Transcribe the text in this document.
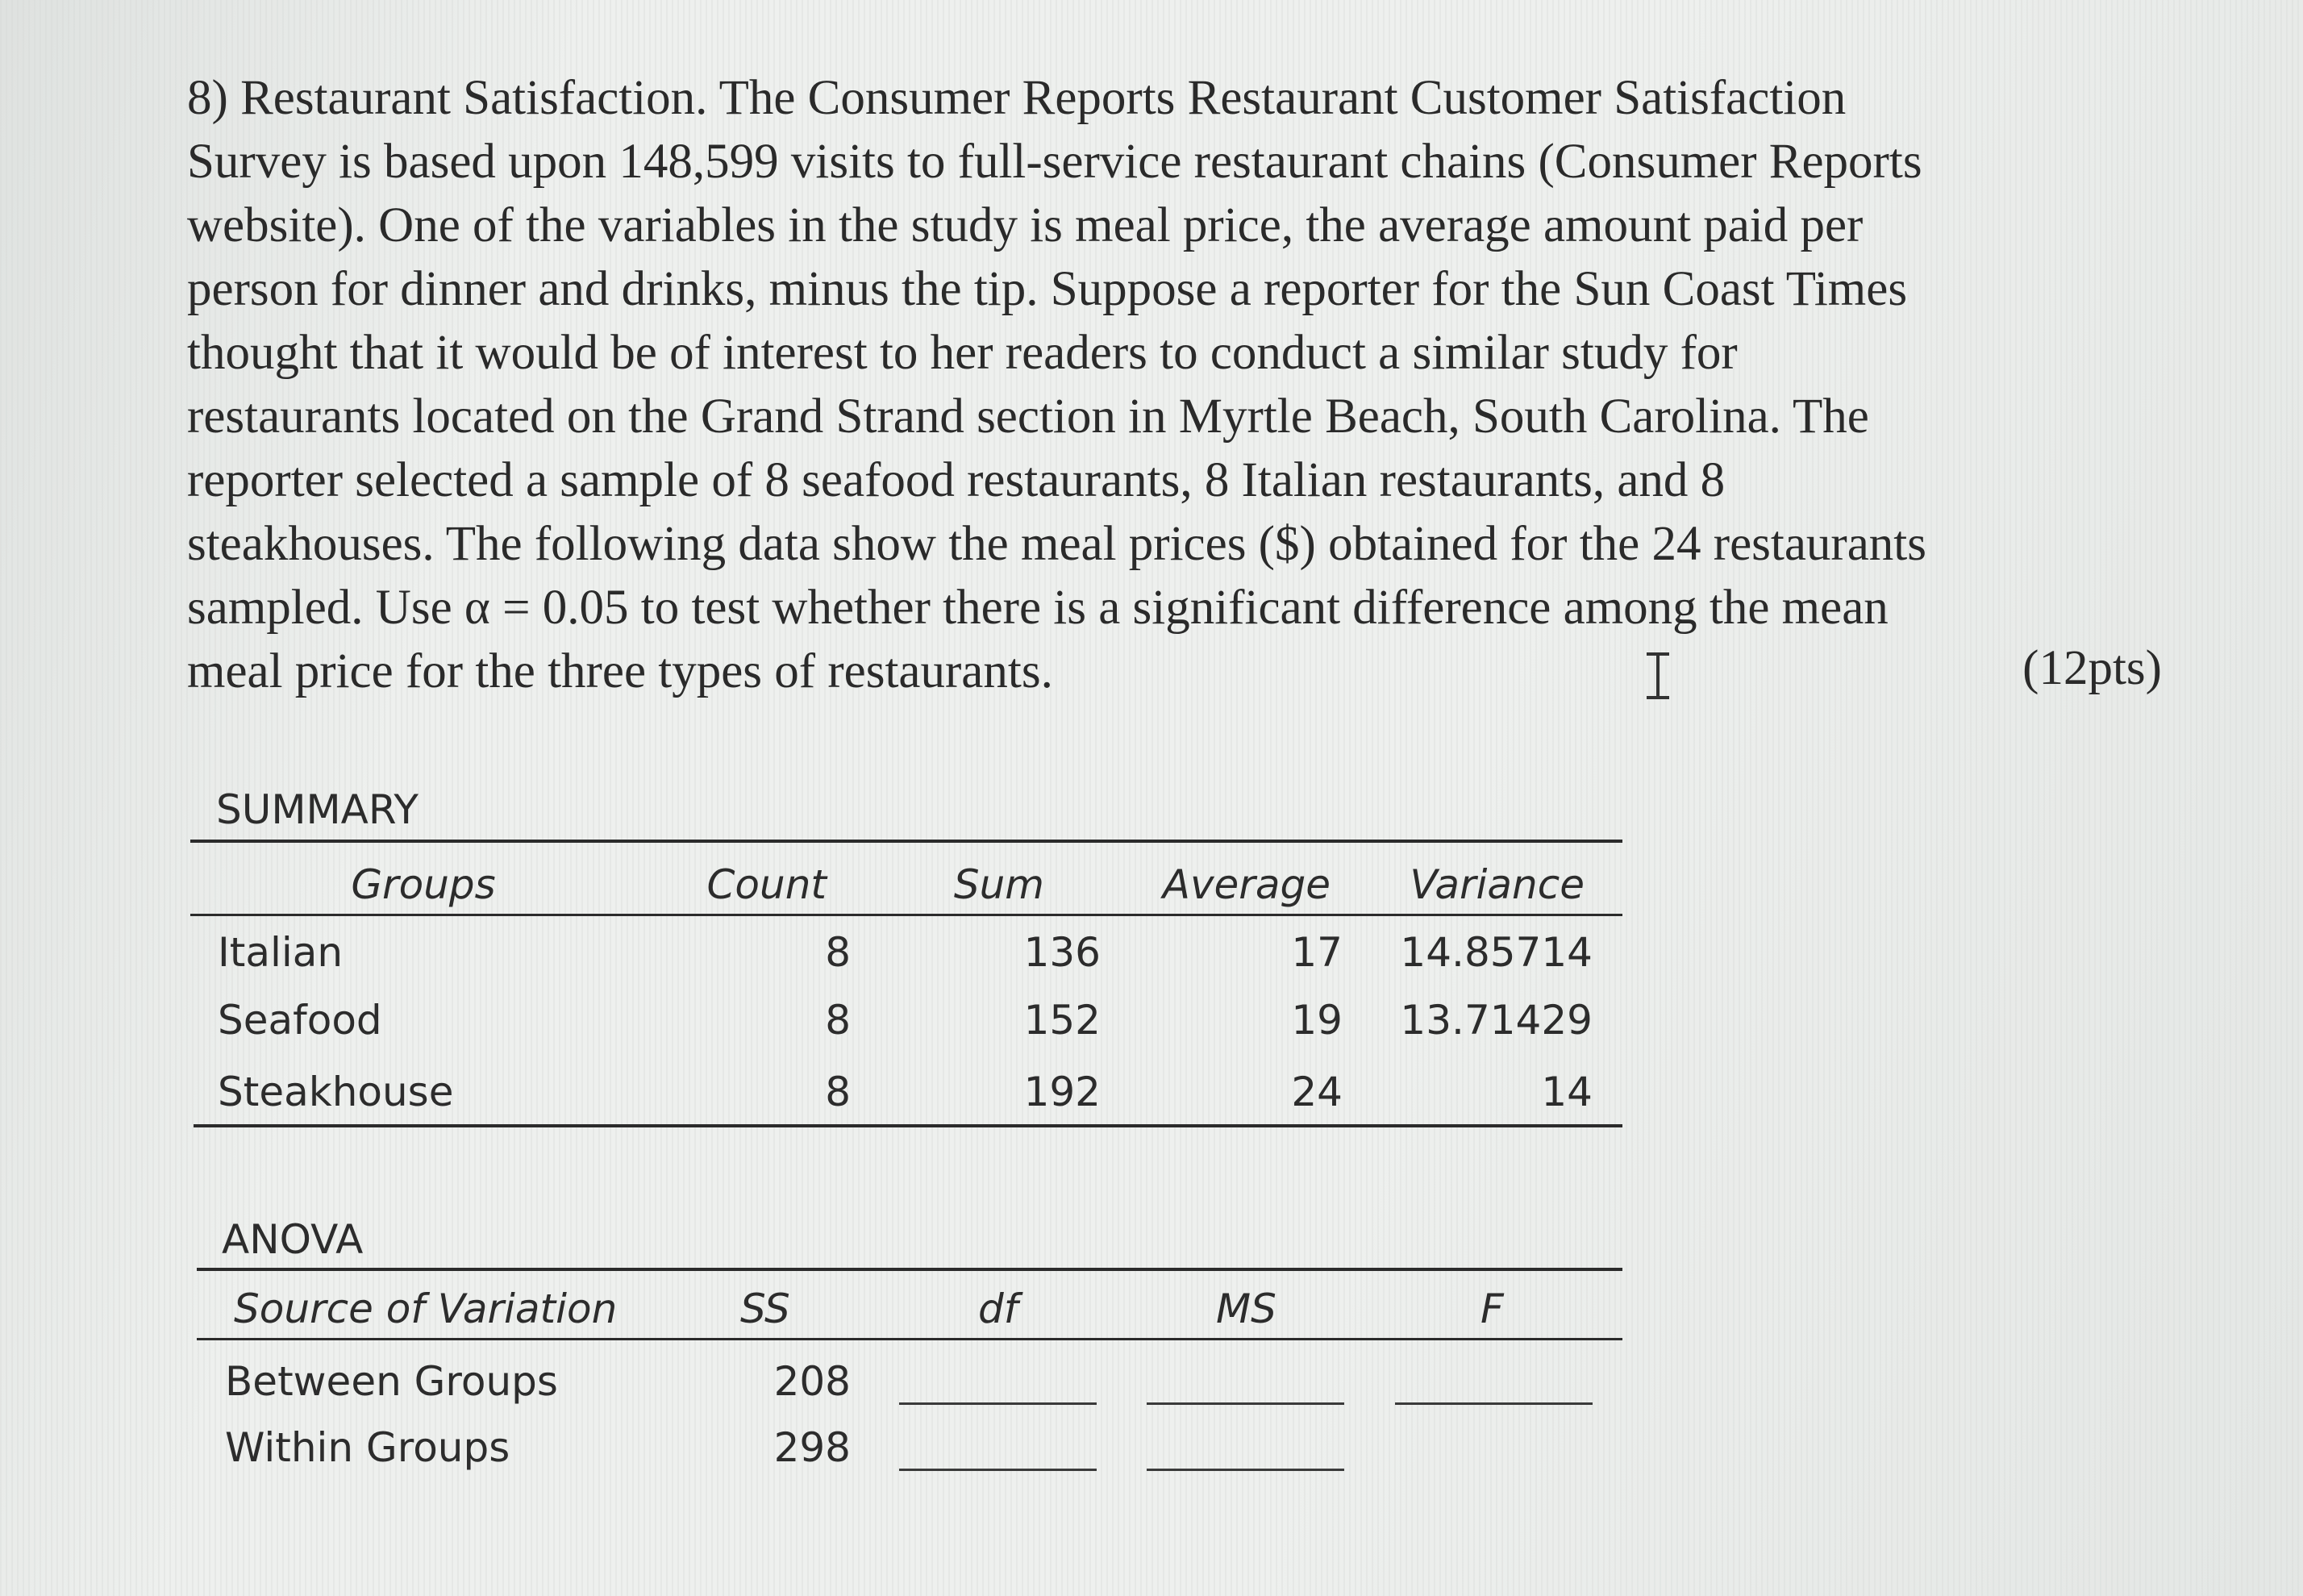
8) Restaurant Satisfaction. The Consumer Reports Restaurant Customer Satisfaction
Survey is based upon 148,599 visits to full-service restaurant chains (Consumer Reports
website). One of the variables in the study is meal price, the average amount paid per
person for dinner and drinks, minus the tip. Suppose a reporter for the Sun Coast Times
thought that it would be of interest to her readers to conduct a similar study for
restaurants located on the Grand Strand section in Myrtle Beach, South Carolina. The
reporter selected a sample of 8 seafood restaurants, 8 Italian restaurants, and 8
steakhouses. The following data show the meal prices ($) obtained for the 24 restaurants
sampled. Use α = 0.05 to test whether there is a significant difference among the mean
meal price for the three types of restaurants.	(12pts)
SUMMARY
Groups	Count	Sum	Average	Variance
Italian	8	136	17	14.85714
Seafood	8	152	19	13.71429
Steakhouse	8	192	24	14
ANOVA
Source of Variation	SS	df	MS	F
Between Groups	208
Within Groups	298
